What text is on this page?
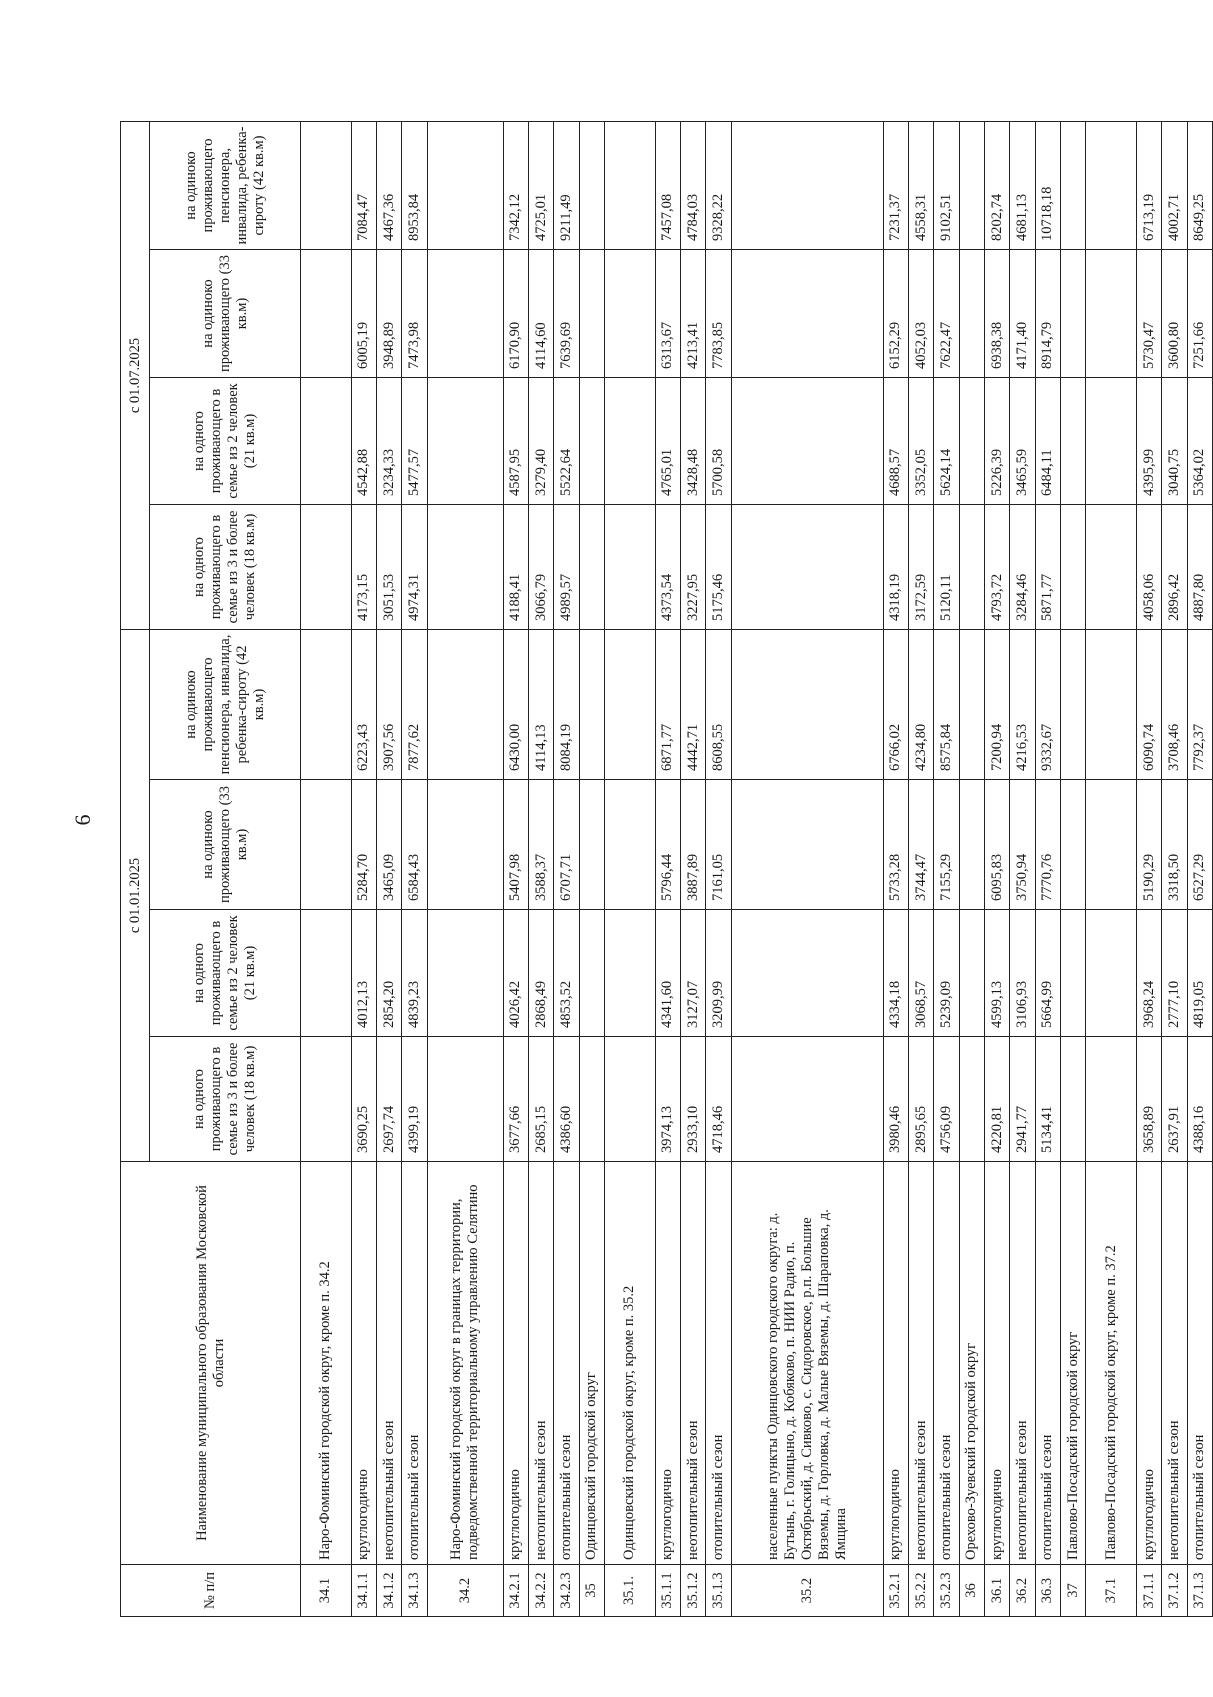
6
№ п/п	Наименование муниципального образования Московской области	с 01.01.2025				с 01.07.2025			
		на одного проживающего в семье из 3 и более человек (18 кв.м)	на одного проживающего в семье из 2 человек (21 кв.м)	на одиноко проживающего (33 кв.м)	на одиноко проживающего пенсионера, инвалида, ребенка-сироту (42 кв.м)	на одного проживающего в семье из 3 и более человек (18 кв.м)	на одного проживающего в семье из 2 человек (21 кв.м)	на одиноко проживающего (33 кв.м)	на одиноко проживающего пенсионера, инвалида, ребенка-сироту (42 кв.м)
34.1	Наро-Фоминский городской округ, кроме п. 34.2								
34.1.1	круглогодично	3690,25	4012,13	5284,70	6223,43	4173,15	4542,88	6005,19	7084,47
34.1.2	неотопительный сезон	2697,74	2854,20	3465,09	3907,56	3051,53	3234,33	3948,89	4467,36
34.1.3	отопительный сезон	4399,19	4839,23	6584,43	7877,62	4974,31	5477,57	7473,98	8953,84
34.2	Наро-Фоминский городской округ в границах территории, подведомственной территориальному управлению Селятино								
34.2.1	круглогодично	3677,66	4026,42	5407,98	6430,00	4188,41	4587,95	6170,90	7342,12
34.2.2	неотопительный сезон	2685,15	2868,49	3588,37	4114,13	3066,79	3279,40	4114,60	4725,01
34.2.3	отопительный сезон	4386,60	4853,52	6707,71	8084,19	4989,57	5522,64	7639,69	9211,49
35	Одинцовский городской округ								
35.1.	Одинцовский городской округ, кроме п. 35.2								
35.1.1	круглогодично	3974,13	4341,60	5796,44	6871,77	4373,54	4765,01	6313,67	7457,08
35.1.2	неотопительный сезон	2933,10	3127,07	3887,89	4442,71	3227,95	3428,48	4213,41	4784,03
35.1.3	отопительный сезон	4718,46	3209,99	7161,05	8608,55	5175,46	5700,58	7783,85	9328,22
35.2	населенные пункты Одинцовского городского округа: д. Бутынь, г. Голицыно, д. Кобяково, п. НИИ Радио, п. Октябрьский, д. Сивково, с. Сидоровское, р.п. Большие Вяземы, д. Горловка, д. Малые Вяземы, д. Шараповка, д. Ямщина								
35.2.1	круглогодично	3980,46	4334,18	5733,28	6766,02	4318,19	4688,57	6152,29	7231,37
35.2.2	неотопительный сезон	2895,65	3068,57	3744,47	4234,80	3172,59	3352,05	4052,03	4558,31
35.2.3	отопительный сезон	4756,09	5239,09	7155,29	8575,84	5120,11	5624,14	7622,47	9102,51
36	Орехово-Зуевский городской округ								
36.1	круглогодично	4220,81	4599,13	6095,83	7200,94	4793,72	5226,39	6938,38	8202,74
36.2	неотопительный сезон	2941,77	3106,93	3750,94	4216,53	3284,46	3465,59	4171,40	4681,13
36.3	отопительный сезон	5134,41	5664,99	7770,76	9332,67	5871,77	6484,11	8914,79	10718,18
37	Павлово-Посадский городской округ								
37.1	Павлово-Посадский городской округ, кроме п. 37.2								
37.1.1	круглогодично	3658,89	3968,24	5190,29	6090,74	4058,06	4395,99	5730,47	6713,19
37.1.2	неотопительный сезон	2637,91	2777,10	3318,50	3708,46	2896,42	3040,75	3600,80	4002,71
37.1.3	отопительный сезон	4388,16	4819,05	6527,29	7792,37	4887,80	5364,02	7251,66	8649,25
